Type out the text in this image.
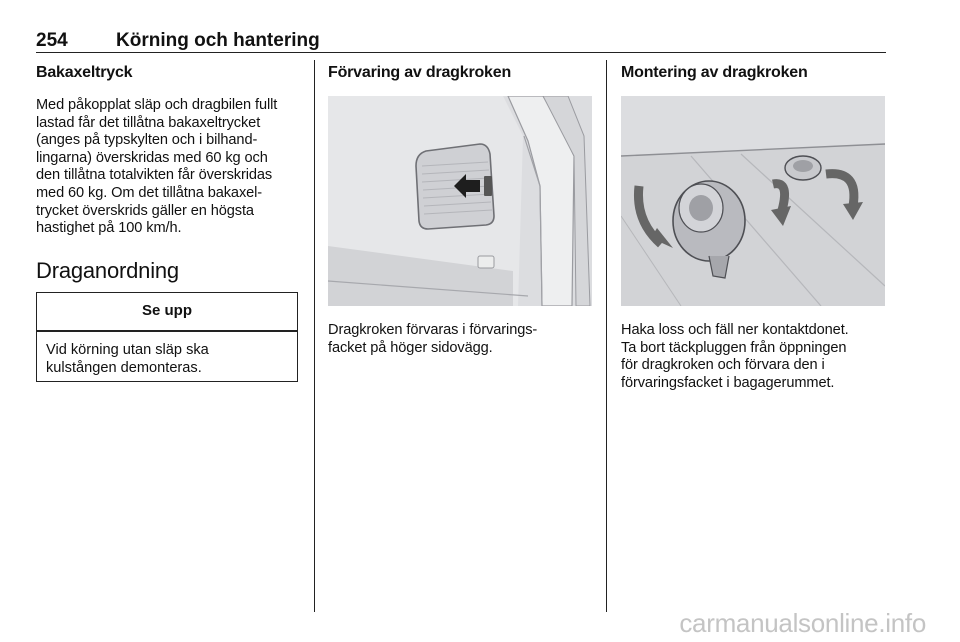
254	Körning och hantering
Bakaxeltryck
Med påkopplat släp och dragbilen fullt
lastad får det tillåtna bakaxeltrycket
(anges på typskylten och i bilhand-
lingarna) överskridas med 60 kg och
den tillåtna totalvikten får överskridas
med 60 kg. Om det tillåtna bakaxel-
trycket överskrids gäller en högsta
hastighet på 100 km/h.
Draganordning
Se upp
Vid körning utan släp ska
kulstången demonteras.
Förvaring av dragkroken
Dragkroken förvaras i förvarings-
facket på höger sidovägg.
Montering av dragkroken
Haka loss och fäll ner kontaktdonet.
Ta bort täckpluggen från öppningen
för dragkroken och förvara den i
förvaringsfacket i bagagerummet.
carmanualsonline.info
